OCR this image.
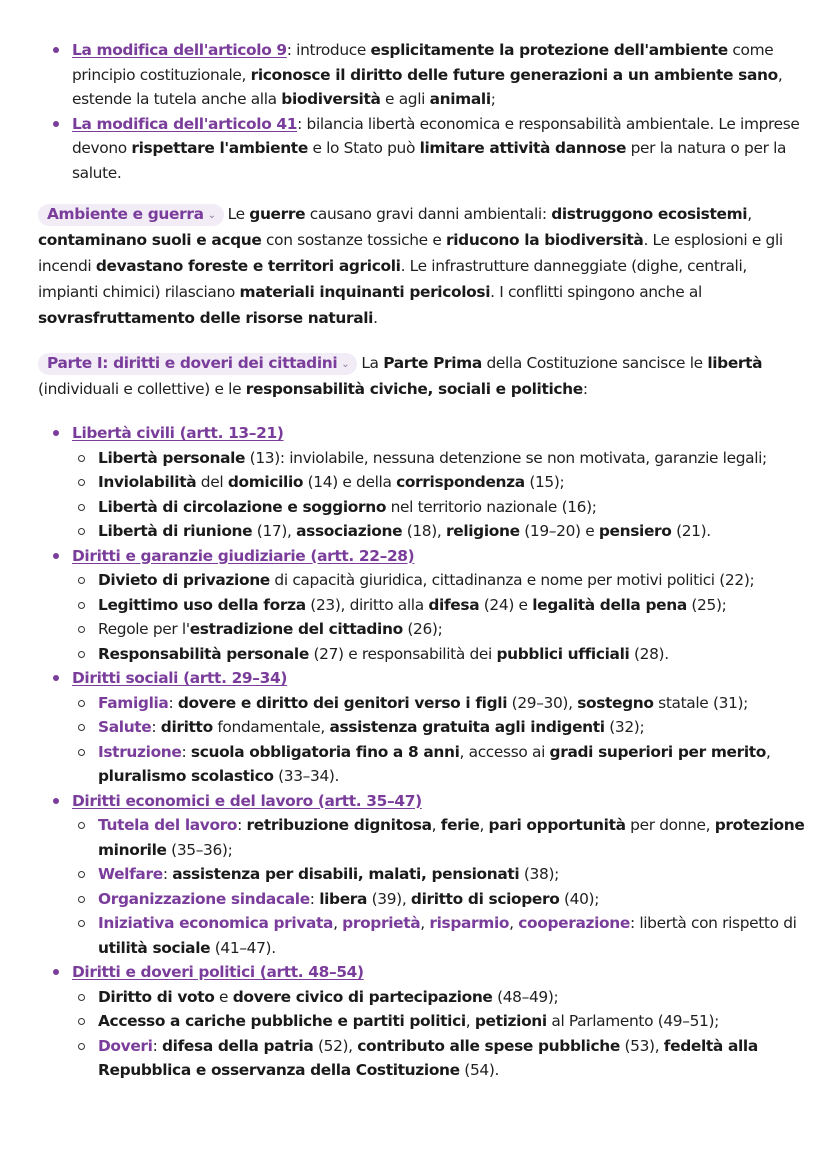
La modifica dell'articolo 9: introduce esplicitamente la protezione dell'ambiente come principio costituzionale, riconosce il diritto delle future generazioni a un ambiente sano, estende la tutela anche alla biodiversità e agli animali;
La modifica dell'articolo 41: bilancia libertà economica e responsabilità ambientale. Le imprese devono rispettare l'ambiente e lo Stato può limitare attività dannose per la natura o per la salute.
Ambiente e guerra ⌄ Le guerre causano gravi danni ambientali: distruggono ecosistemi, contaminano suoli e acque con sostanze tossiche e riducono la biodiversità. Le esplosioni e gli incendi devastano foreste e territori agricoli. Le infrastrutture danneggiate (dighe, centrali, impianti chimici) rilasciano materiali inquinanti pericolosi. I conflitti spingono anche al sovrasfruttamento delle risorse naturali.
Parte I: diritti e doveri dei cittadini ⌄ La Parte Prima della Costituzione sancisce le libertà (individuali e collettive) e le responsabilità civiche, sociali e politiche:
Libertà civili (artt. 13–21)
Libertà personale (13): inviolabile, nessuna detenzione se non motivata, garanzie legali;
Inviolabilità del domicilio (14) e della corrispondenza (15);
Libertà di circolazione e soggiorno nel territorio nazionale (16);
Libertà di riunione (17), associazione (18), religione (19–20) e pensiero (21).
Diritti e garanzie giudiziarie (artt. 22–28)
Divieto di privazione di capacità giuridica, cittadinanza e nome per motivi politici (22);
Legittimo uso della forza (23), diritto alla difesa (24) e legalità della pena (25);
Regole per l'estradizione del cittadino (26);
Responsabilità personale (27) e responsabilità dei pubblici ufficiali (28).
Diritti sociali (artt. 29–34)
Famiglia: dovere e diritto dei genitori verso i figli (29–30), sostegno statale (31);
Salute: diritto fondamentale, assistenza gratuita agli indigenti (32);
Istruzione: scuola obbligatoria fino a 8 anni, accesso ai gradi superiori per merito, pluralismo scolastico (33–34).
Diritti economici e del lavoro (artt. 35–47)
Tutela del lavoro: retribuzione dignitosa, ferie, pari opportunità per donne, protezione minorile (35–36);
Welfare: assistenza per disabili, malati, pensionati (38);
Organizzazione sindacale: libera (39), diritto di sciopero (40);
Iniziativa economica privata, proprietà, risparmio, cooperazione: libertà con rispetto di utilità sociale (41–47).
Diritti e doveri politici (artt. 48–54)
Diritto di voto e dovere civico di partecipazione (48–49);
Accesso a cariche pubbliche e partiti politici, petizioni al Parlamento (49–51);
Doveri: difesa della patria (52), contributo alle spese pubbliche (53), fedeltà alla Repubblica e osservanza della Costituzione (54).
